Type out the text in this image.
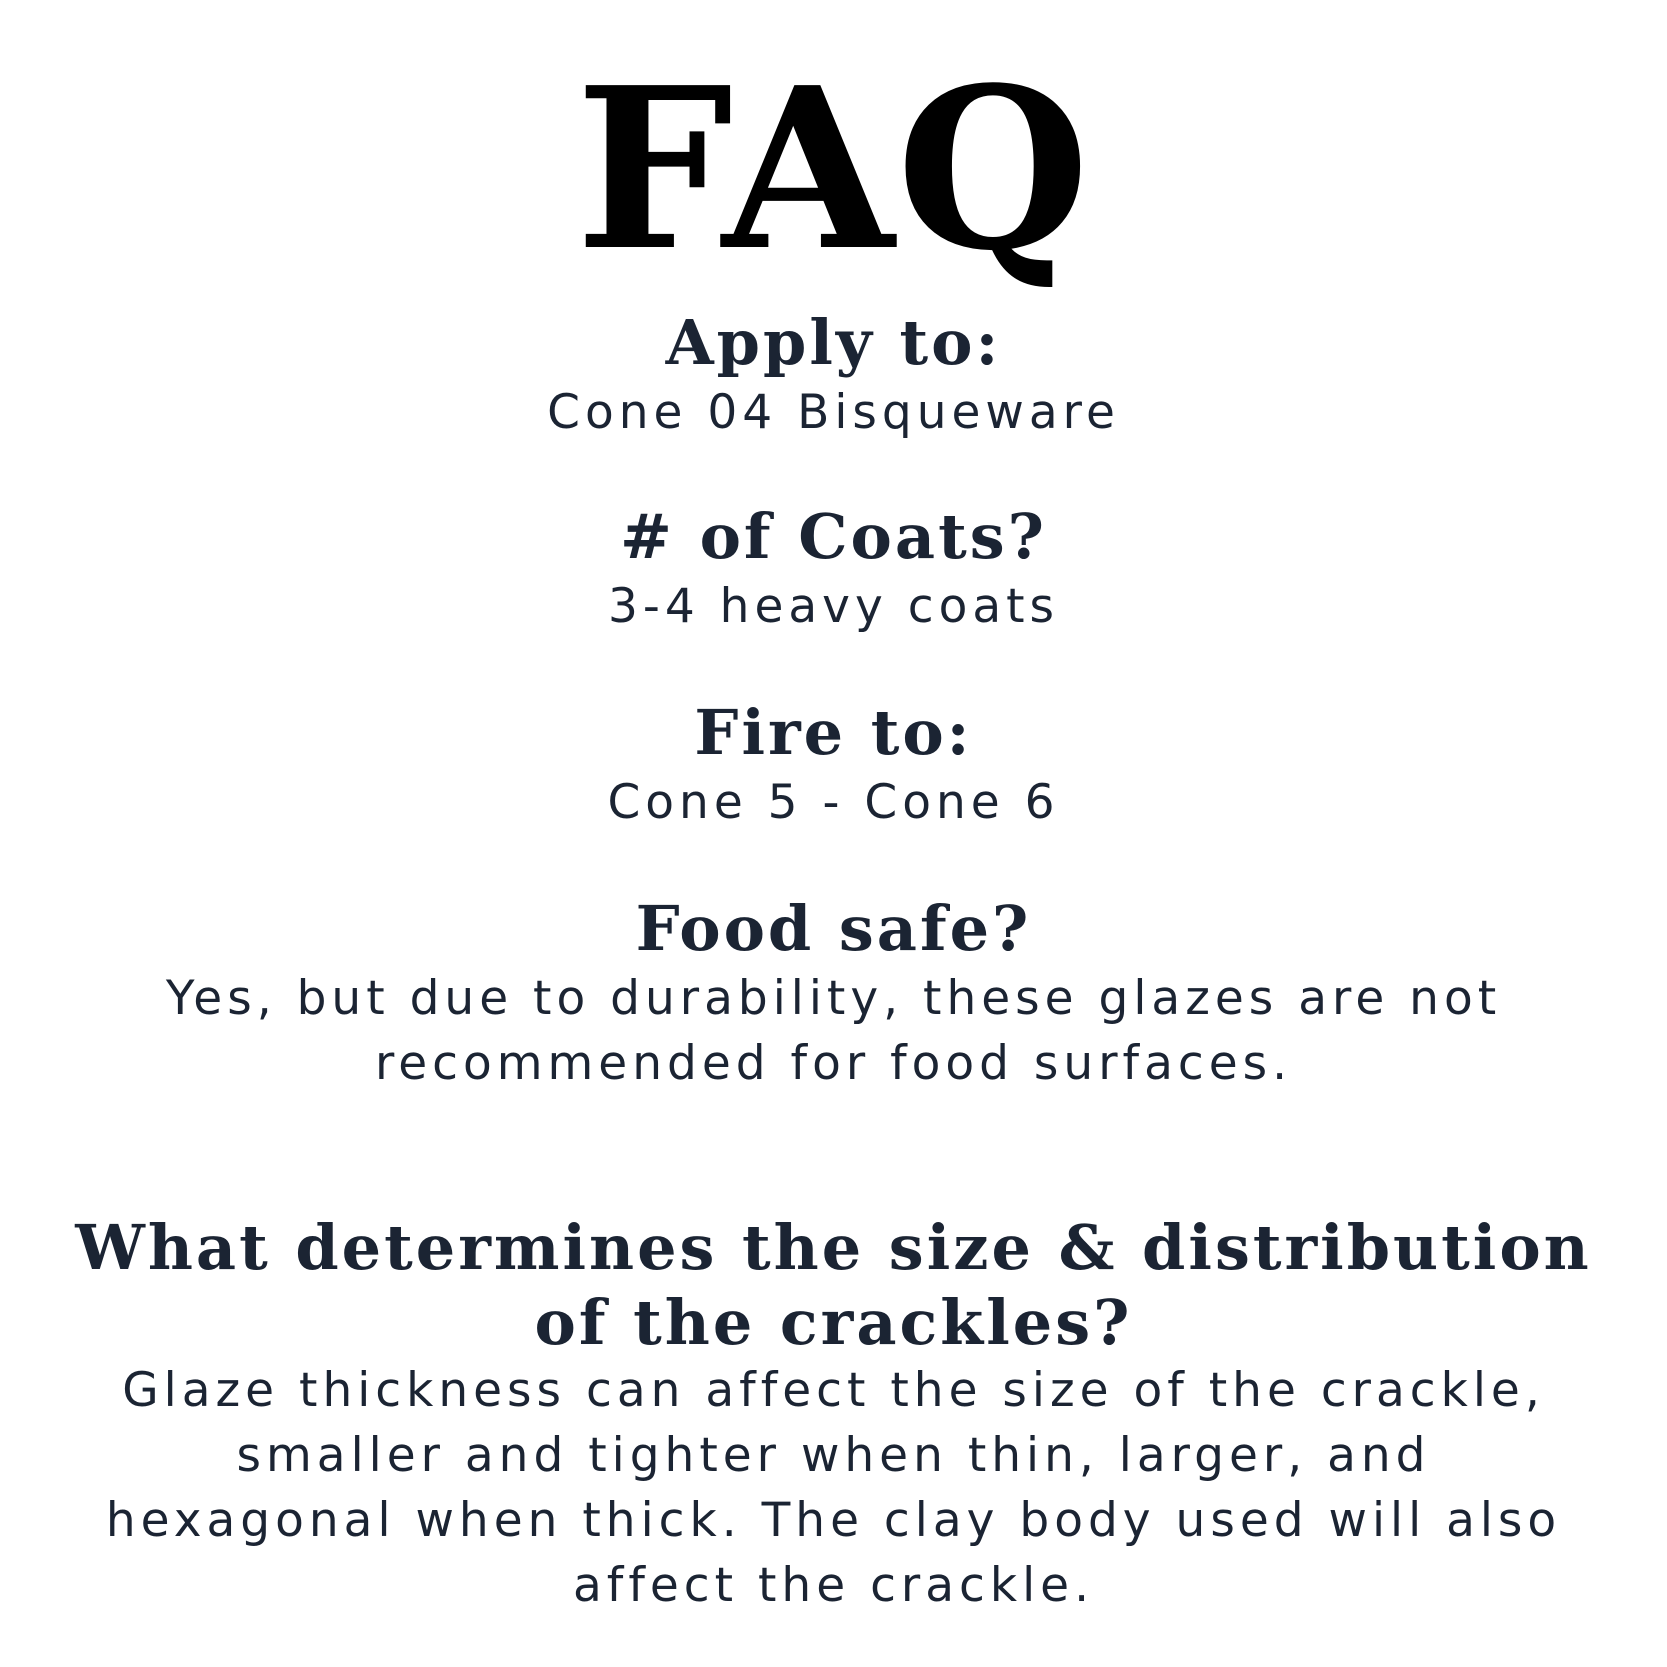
FAQ
Apply to:
Cone 04 Bisqueware
# of Coats?
3-4 heavy coats
Fire to:
Cone 5 - Cone 6
Food safe?
Yes, but due to durability, these glazes are not recommended for food surfaces.
What determines the size & distribution of the crackles?
Glaze thickness can affect the size of the crackle, smaller and tighter when thin, larger, and hexagonal when thick. The clay body used will also affect the crackle.
